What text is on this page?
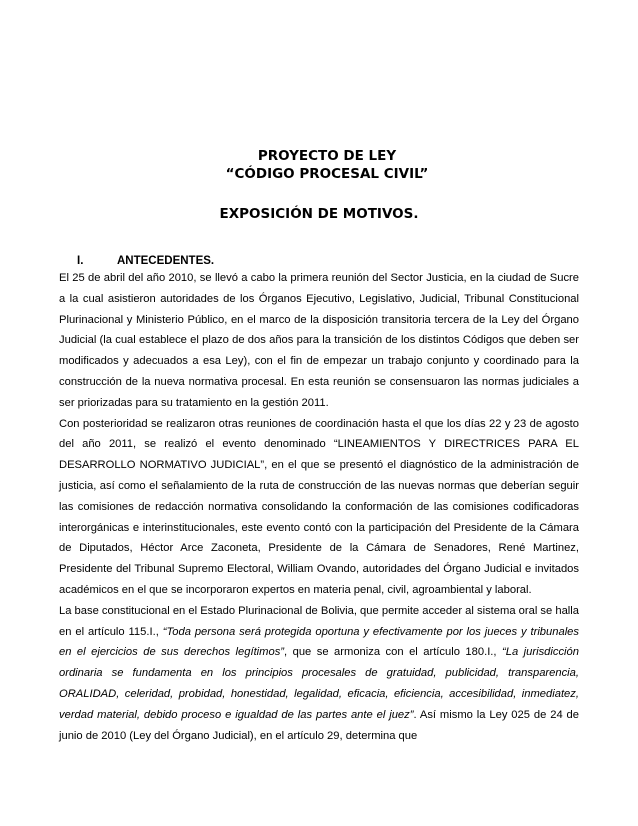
PROYECTO DE LEY
“CÓDIGO PROCESAL CIVIL”
EXPOSICIÓN DE MOTIVOS.
I.	ANTECEDENTES.

El 25 de abril del año 2010, se llevó a cabo la primera reunión del Sector Justicia, en la ciudad de Sucre a la cual asistieron autoridades de los Órganos Ejecutivo, Legislativo, Judicial, Tribunal Constitucional Plurinacional y Ministerio Público, en el marco de la disposición transitoria tercera de la Ley del Órgano Judicial (la cual establece el plazo de dos años para la transición de los distintos Códigos que deben ser modificados y adecuados a esa Ley), con el fin de empezar un trabajo conjunto y coordinado para la construcción de la nueva normativa procesal. En esta reunión se consensuaron las normas judiciales a ser priorizadas para su tratamiento en la gestión 2011.

Con posterioridad se realizaron otras reuniones de coordinación hasta el que los días 22 y 23 de agosto del año 2011, se realizó el evento denominado “LINEAMIENTOS Y DIRECTRICES PARA EL DESARROLLO NORMATIVO JUDICIAL”, en el que se presentó el diagnóstico de la administración de justicia, así como el señalamiento de la ruta de construcción de las nuevas normas que deberían seguir las comisiones de redacción normativa consolidando la conformación de las comisiones codificadoras interorgánicas e interinstitucionales, este evento contó con la participación del Presidente de la Cámara de Diputados, Héctor Arce Zaconeta, Presidente de la Cámara de Senadores, René Martinez, Presidente del Tribunal Supremo Electoral, William Ovando, autoridades del Órgano Judicial e invitados académicos en el que se incorporaron expertos en materia penal, civil, agroambiental y laboral.

La base constitucional en el Estado Plurinacional de Bolivia, que permite acceder al sistema oral se halla en el artículo 115.I., “Toda persona será protegida oportuna y efectivamente por los jueces y tribunales en el ejercicios de sus derechos legítimos”, que se armoniza con el artículo 180.I., “La jurisdicción ordinaria se fundamenta en los principios procesales de gratuidad, publicidad, transparencia, ORALIDAD, celeridad, probidad, honestidad, legalidad, eficacia, eficiencia, accesibilidad, inmediatez, verdad material, debido proceso e igualdad de las partes ante el juez”. Así mismo la Ley 025 de 24 de junio de 2010 (Ley del Órgano Judicial), en el artículo 29, determina que
